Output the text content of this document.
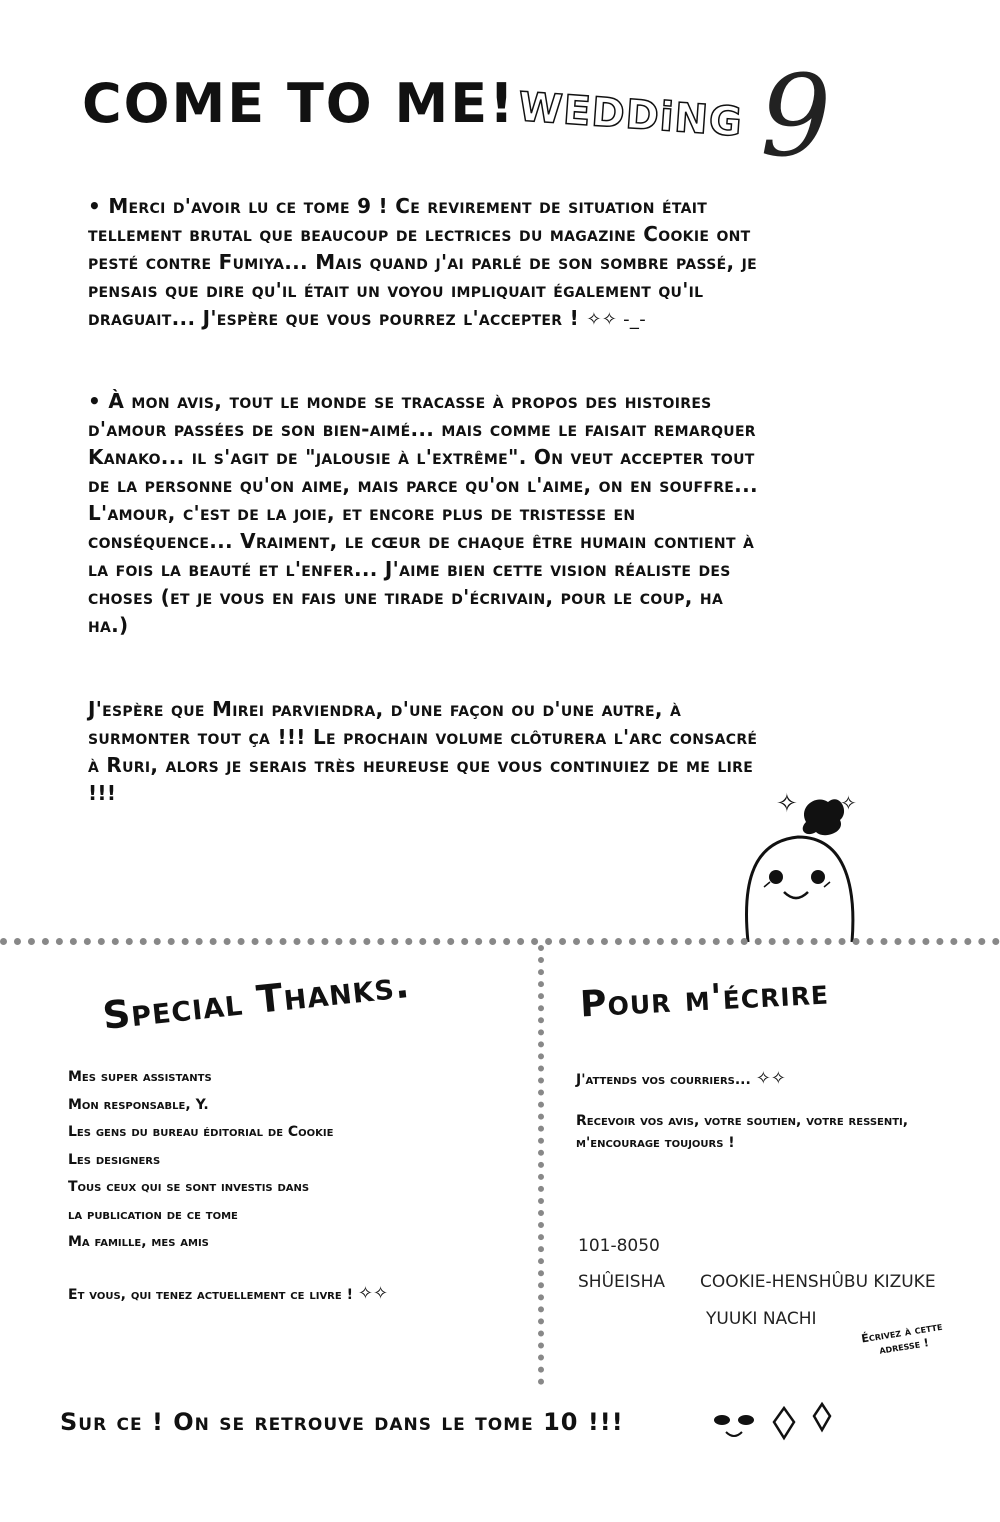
COME TO ME! WEDDiNG 9

• Merci d'avoir lu ce tome 9 ! Ce revirement de situation était tellement brutal que beaucoup de lectrices du magazine Cookie ont pesté contre Fumiya... Mais quand j'ai parlé de son sombre passé, je pensais que dire qu'il était un voyou impliquait également qu'il draguait... J'espère que vous pourrez l'accepter ! ✧✧ -_-

• À mon avis, tout le monde se tracasse à propos des histoires d'amour passées de son bien-aimé... mais comme le faisait remarquer Kanako... il s'agit de "jalousie à l'extrême". On veut accepter tout de la personne qu'on aime, mais parce qu'on l'aime, on en souffre... L'amour, c'est de la joie, et encore plus de tristesse en conséquence... Vraiment, le cœur de chaque être humain contient à la fois la beauté et l'enfer... J'aime bien cette vision réaliste des choses (et je vous en fais une tirade d'écrivain, pour le coup, ha ha.)

J'espère que Mirei parviendra, d'une façon ou d'une autre, à surmonter tout ça !!! Le prochain volume clôturera l'arc consacré à Ruri, alors je serais très heureuse que vous continuiez de me lire !!!	✧ ✧
Special Thanks.
Mes super assistants
Mon responsable, Y.
Les gens du bureau éditorial de Cookie
Les designers
Tous ceux qui se sont investis dans
la publication de ce tome
Ma famille, mes amis
Et vous, qui tenez actuellement ce livre ! ✧✧
Pour m'écrire
J'attends vos courriers... ✧✧

Recevoir vos avis, votre soutien, votre ressenti, m'encourage toujours !

101-8050
SHÛEISHA COOKIE-HENSHÛBU KIZUKE
YUUKI NACHI
Écrivez à cette adresse !
Sur ce ! On se retrouve dans le tome 10 !!!
